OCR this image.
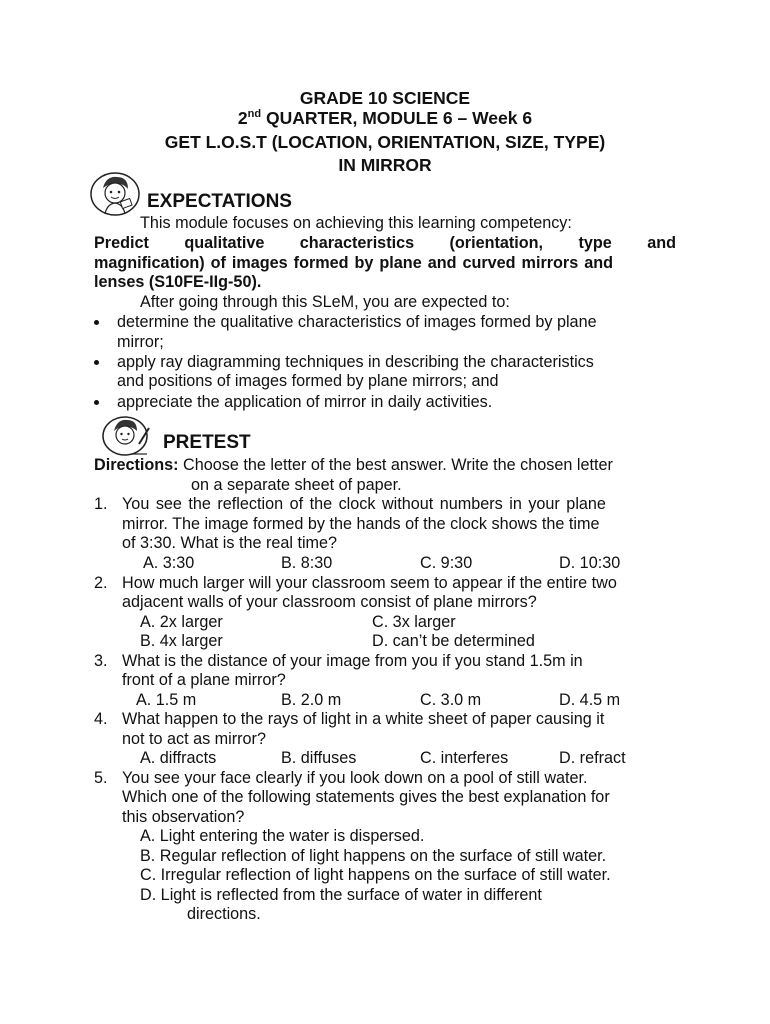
GRADE 10 SCIENCE
2nd QUARTER, MODULE 6 – Week 6
GET L.O.S.T (LOCATION, ORIENTATION, SIZE, TYPE)
IN MIRROR
EXPECTATIONS
This module focuses on achieving this learning competency:
Predict qualitative characteristics (orientation, type and
magnification) of images formed by plane and curved mirrors and
lenses (S10FE-IIg-50).
After going through this SLeM, you are expected to:
determine the qualitative characteristics of images formed by plane
mirror;
apply ray diagramming techniques in describing the characteristics
and positions of images formed by plane mirrors; and
appreciate the application of mirror in daily activities.
PRETEST
Directions: Choose the letter of the best answer. Write the chosen letter
on a separate sheet of paper.
1. You see the reflection of the clock without numbers in your plane
mirror. The image formed by the hands of the clock shows the time
of 3:30. What is the real time?
A. 3:30	B. 8:30	C. 9:30	D. 10:30
2. How much larger will your classroom seem to appear if the entire two
adjacent walls of your classroom consist of plane mirrors?
A. 2x larger	C. 3x larger
B. 4x larger	D. can’t be determined
3. What is the distance of your image from you if you stand 1.5m in
front of a plane mirror?
A. 1.5 m	B. 2.0 m	C. 3.0 m	D. 4.5 m
4. What happen to the rays of light in a white sheet of paper causing it
not to act as mirror?
A. diffracts	B. diffuses	C. interferes	D. refract
5. You see your face clearly if you look down on a pool of still water.
Which one of the following statements gives the best explanation for
this observation?
A. Light entering the water is dispersed.
B. Regular reflection of light happens on the surface of still water.
C. Irregular reflection of light happens on the surface of still water.
D. Light is reflected from the surface of water in different
directions.
